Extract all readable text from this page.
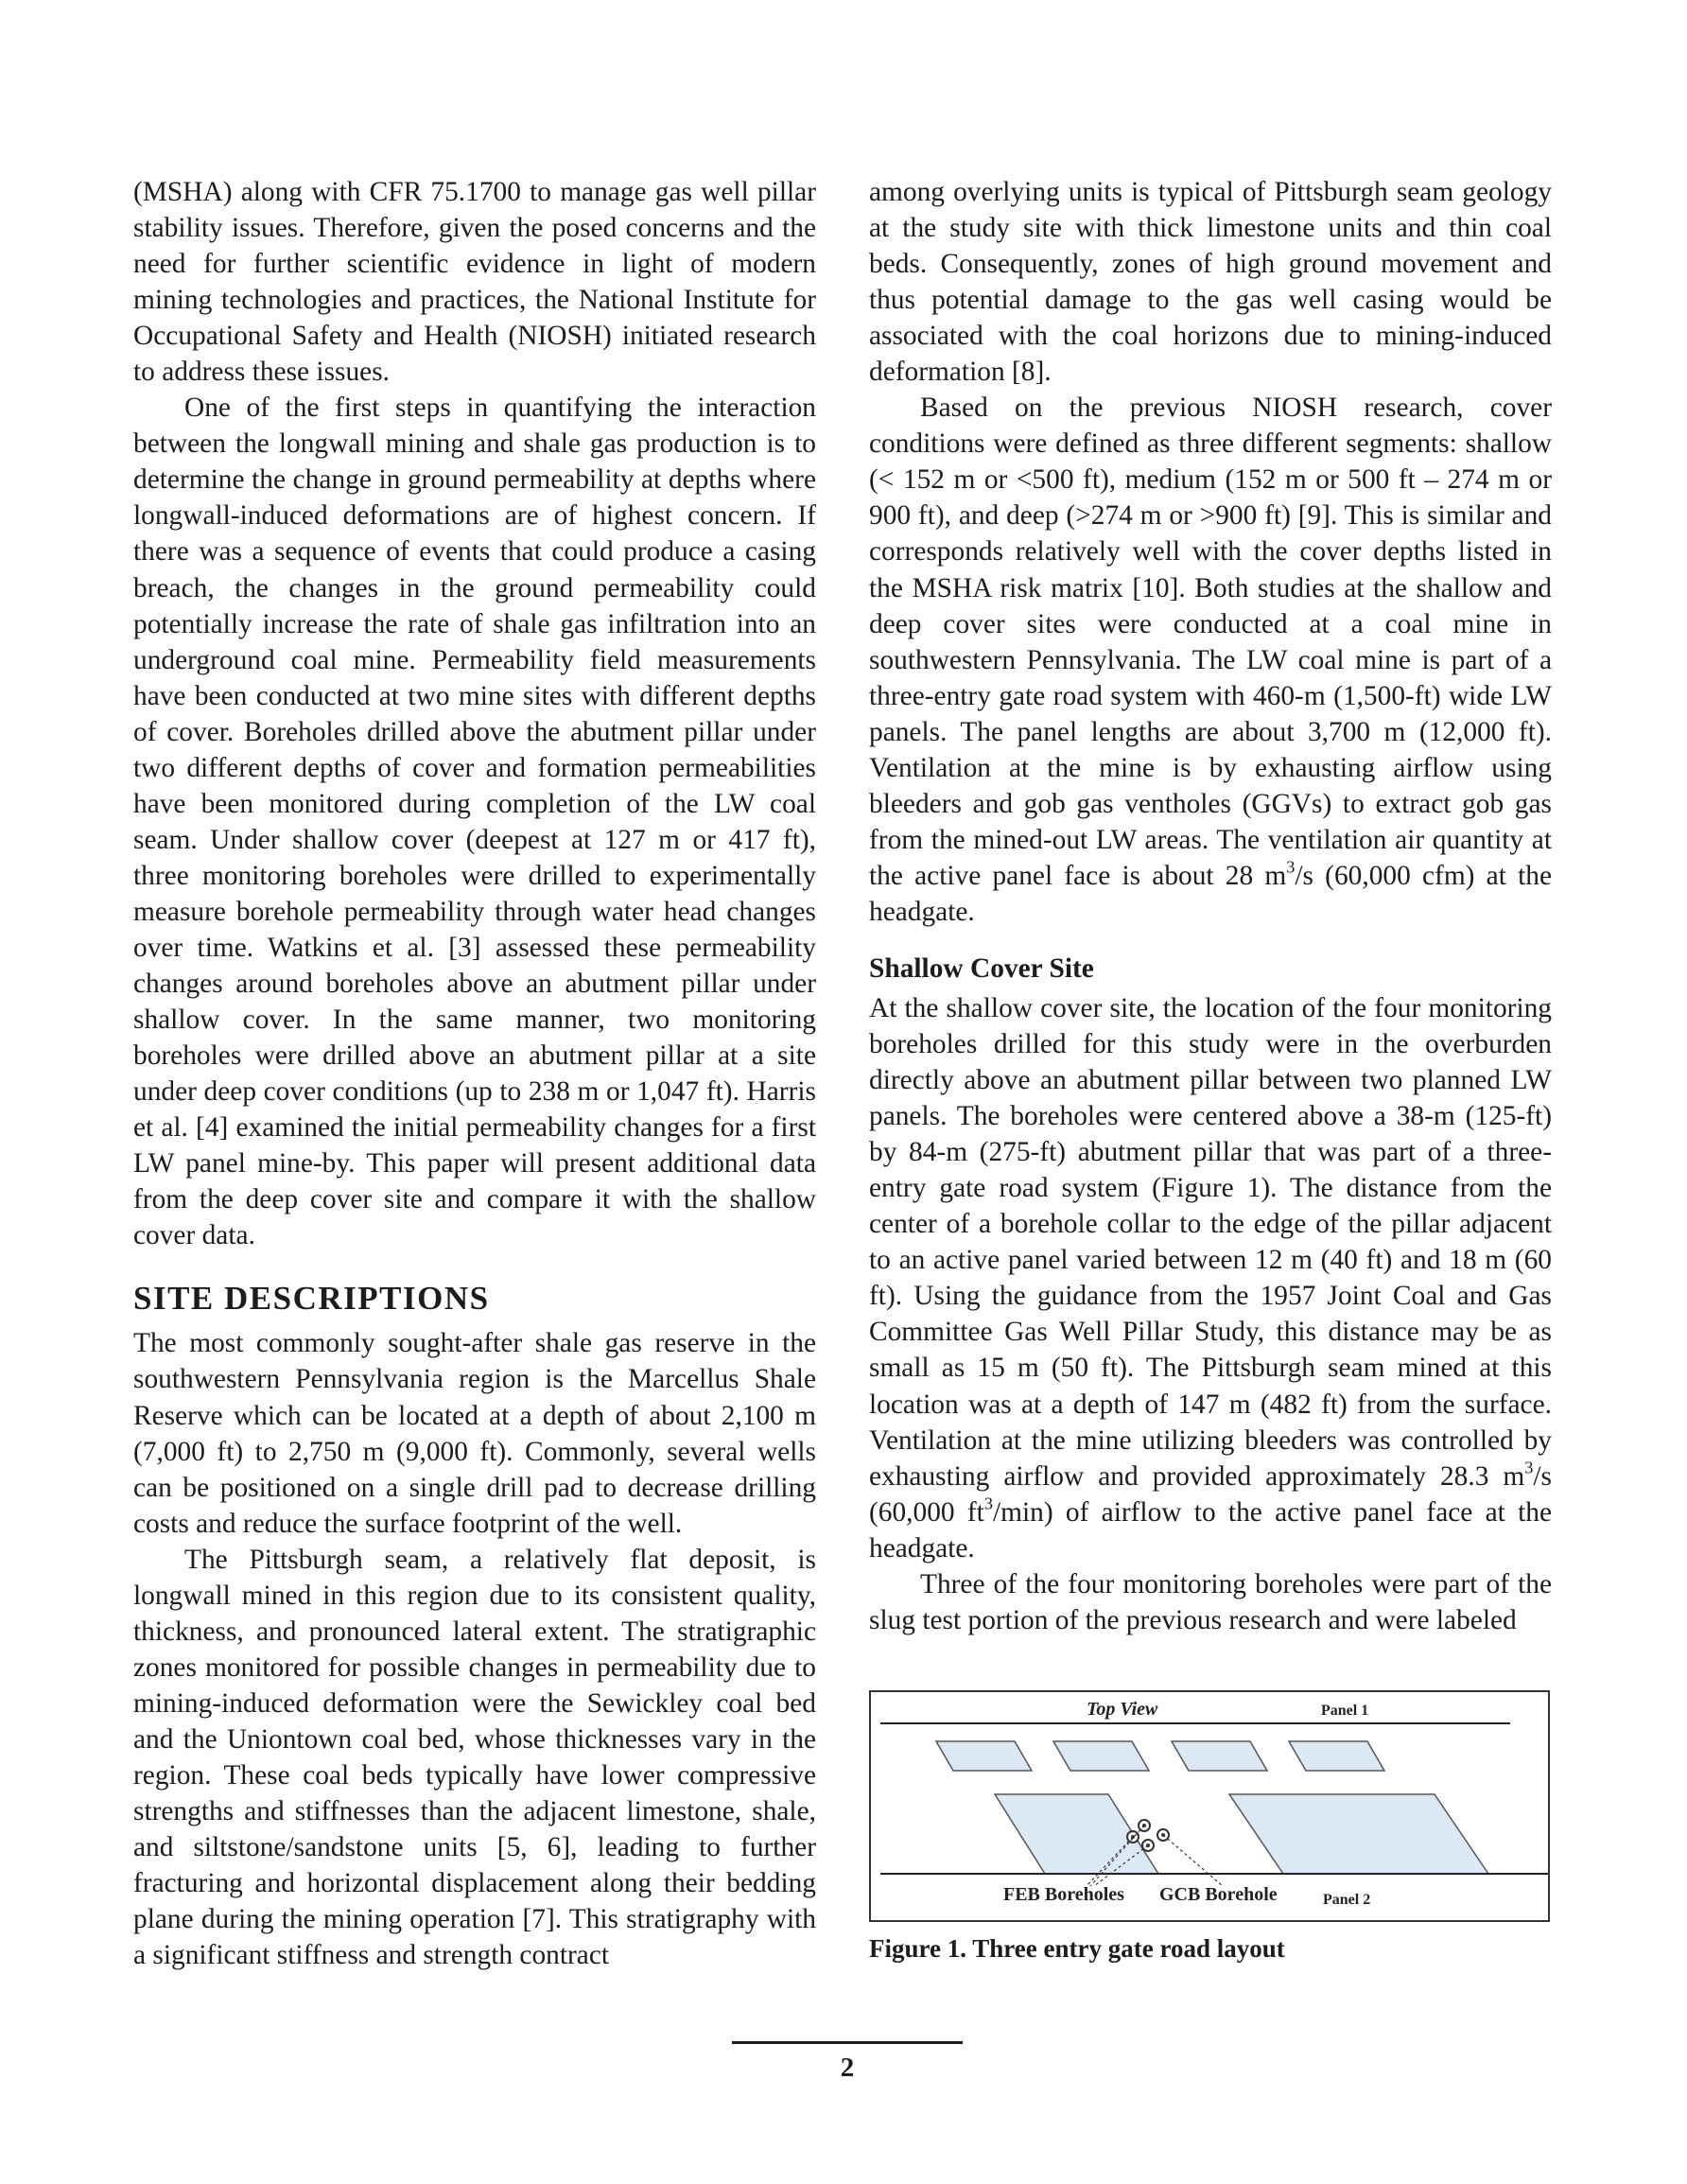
(MSHA) along with CFR 75.1700 to manage gas well pillar stability issues. Therefore, given the posed concerns and the need for further scientific evidence in light of modern mining technologies and practices, the National Institute for Occupational Safety and Health (NIOSH) initiated research to address these issues.

One of the first steps in quantifying the interaction between the longwall mining and shale gas production is to determine the change in ground permeability at depths where longwall-induced deformations are of highest concern. If there was a sequence of events that could produce a casing breach, the changes in the ground permeability could potentially increase the rate of shale gas infiltration into an underground coal mine. Permeability field measurements have been conducted at two mine sites with different depths of cover. Boreholes drilled above the abutment pillar under two different depths of cover and formation permeabilities have been monitored during completion of the LW coal seam. Under shallow cover (deepest at 127 m or 417 ft), three monitoring boreholes were drilled to experimentally measure borehole permeability through water head changes over time. Watkins et al. [3] assessed these permeability changes around boreholes above an abutment pillar under shallow cover. In the same manner, two monitoring boreholes were drilled above an abutment pillar at a site under deep cover conditions (up to 238 m or 1,047 ft). Harris et al. [4] examined the initial permeability changes for a first LW panel mine-by. This paper will present additional data from the deep cover site and compare it with the shallow cover data.

SITE DESCRIPTIONS

The most commonly sought-after shale gas reserve in the southwestern Pennsylvania region is the Marcellus Shale Reserve which can be located at a depth of about 2,100 m (7,000 ft) to 2,750 m (9,000 ft). Commonly, several wells can be positioned on a single drill pad to decrease drilling costs and reduce the surface footprint of the well.

The Pittsburgh seam, a relatively flat deposit, is longwall mined in this region due to its consistent quality, thickness, and pronounced lateral extent. The stratigraphic zones monitored for possible changes in permeability due to mining-induced deformation were the Sewickley coal bed and the Uniontown coal bed, whose thicknesses vary in the region. These coal beds typically have lower compressive strengths and stiffnesses than the adjacent limestone, shale, and siltstone/sandstone units [5, 6], leading to further fracturing and horizontal displacement along their bedding plane during the mining operation [7]. This stratigraphy with a significant stiffness and strength contract

among overlying units is typical of Pittsburgh seam geology at the study site with thick limestone units and thin coal beds. Consequently, zones of high ground movement and thus potential damage to the gas well casing would be associated with the coal horizons due to mining-induced deformation [8].

Based on the previous NIOSH research, cover conditions were defined as three different segments: shallow (< 152 m or <500 ft), medium (152 m or 500 ft – 274 m or 900 ft), and deep (>274 m or >900 ft) [9]. This is similar and corresponds relatively well with the cover depths listed in the MSHA risk matrix [10]. Both studies at the shallow and deep cover sites were conducted at a coal mine in southwestern Pennsylvania. The LW coal mine is part of a three-entry gate road system with 460-m (1,500-ft) wide LW panels. The panel lengths are about 3,700 m (12,000 ft). Ventilation at the mine is by exhausting airflow using bleeders and gob gas ventholes (GGVs) to extract gob gas from the mined-out LW areas. The ventilation air quantity at the active panel face is about 28 $m^3/s$ (60,000 cfm) at the headgate.

Shallow Cover Site

At the shallow cover site, the location of the four monitoring boreholes drilled for this study were in the overburden directly above an abutment pillar between two planned LW panels. The boreholes were centered above a 38-m (125-ft) by 84-m (275-ft) abutment pillar that was part of a three-entry gate road system (Figure 1). The distance from the center of a borehole collar to the edge of the pillar adjacent to an active panel varied between 12 m (40 ft) and 18 m (60 ft). Using the guidance from the 1957 Joint Coal and Gas Committee Gas Well Pillar Study, this distance may be as small as 15 m (50 ft). The Pittsburgh seam mined at this location was at a depth of 147 m (482 ft) from the surface. Ventilation at the mine utilizing bleeders was controlled by exhausting airflow and provided approximately 28.3 $m^3/s$ (60,000 $ft^3/\min$) of airflow to the active panel face at the headgate.

Three of the four monitoring boreholes were part of the slug test portion of the previous research and were labeled

Top View	Panel 1
FEB Boreholes GCB Borehole	Panel 2
Figure 1. Three entry gate road layout
2
